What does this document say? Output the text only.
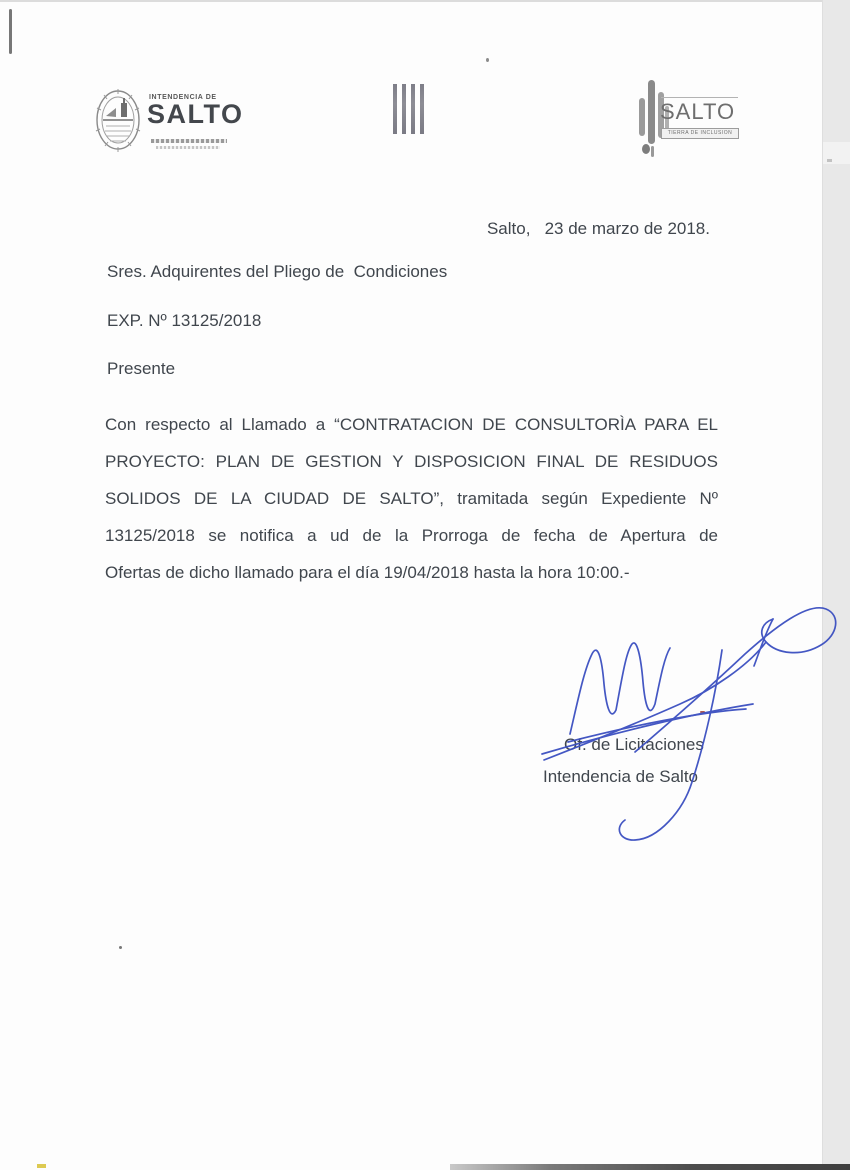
INTENDENCIA DE
SALTO	SALTO
TIERRA DE INCLUSION
Salto,   23 de marzo de 2018.
Sres. Adquirentes del Pliego de  Condiciones
EXP. Nº 13125/2018
Presente
Con respecto al Llamado a “CONTRATACION DE CONSULTORÌA PARA EL
PROYECTO: PLAN DE GESTION Y DISPOSICION FINAL DE RESIDUOS
SOLIDOS DE LA CIUDAD DE SALTO”, tramitada según Expediente Nº
13125/2018 se notifica a ud de la Prorroga de fecha de Apertura de
Ofertas de dicho llamado para el día 19/04/2018 hasta la hora 10:00.-
Of. de Licitaciones
Intendencia de Salto
